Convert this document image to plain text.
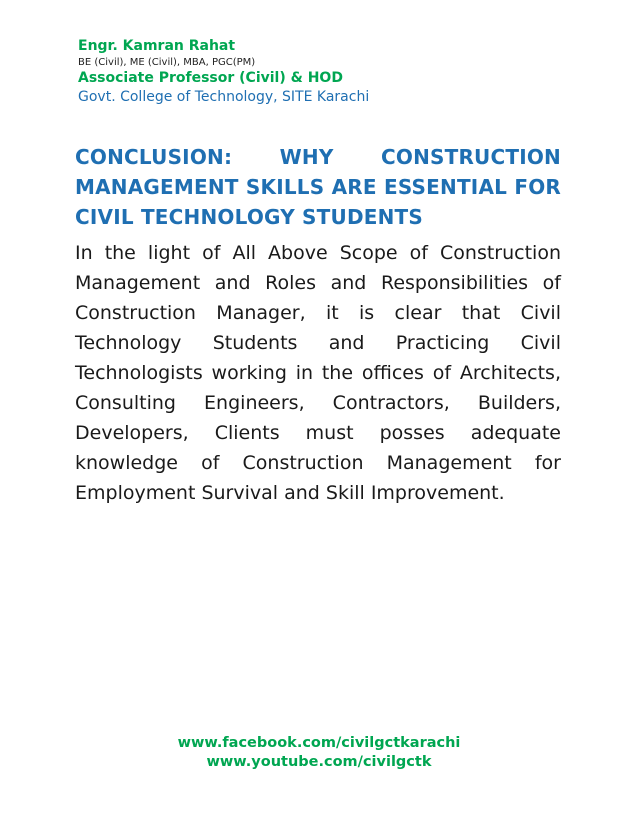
Engr. Kamran Rahat

BE (Civil), ME (Civil), MBA, PGC(PM)

Associate Professor (Civil) & HOD

Govt. College of Technology, SITE Karachi

CONCLUSION: WHY CONSTRUCTION MANAGEMENT SKILLS ARE ESSENTIAL FOR CIVIL TECHNOLOGY STUDENTS

In the light of All Above Scope of Construction Management and Roles and Responsibilities of Construction Manager, it is clear that Civil Technology Students and Practicing Civil Technologists working in the offices of Architects, Consulting Engineers, Contractors, Builders, Developers, Clients must posses adequate knowledge of Construction Management for Employment Survival and Skill Improvement.

www.facebook.com/civilgctkarachi
www.youtube.com/civilgctk
